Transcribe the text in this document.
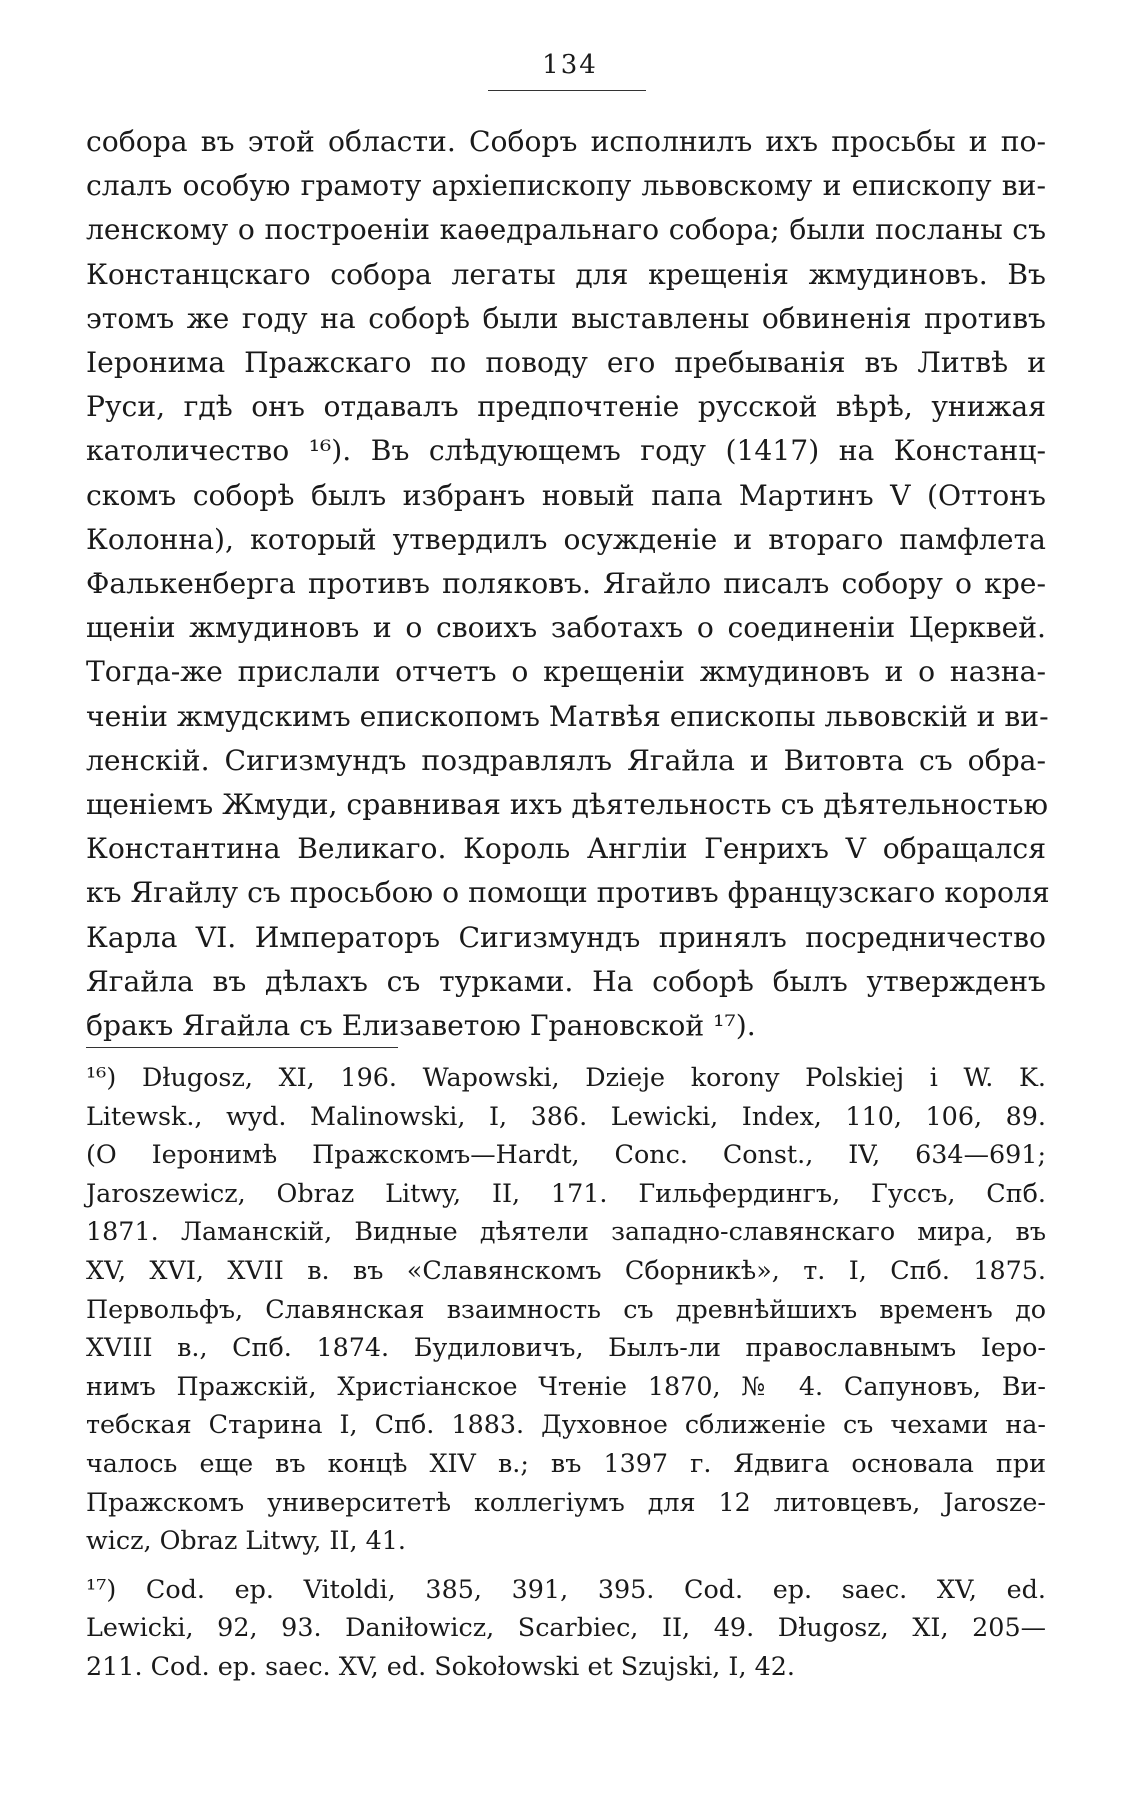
134
собора въ этой области. Соборъ исполнилъ ихъ просьбы и по-
слалъ особую грамоту архіепископу львовскому и епископу ви-
ленскому о построеніи каѳедральнаго собора; были посланы съ
Констанцскаго собора легаты для крещенія жмудиновъ. Въ
этомъ же году на соборѣ были выставлены обвиненія противъ
Іеронима Пражскаго по поводу его пребыванія въ Литвѣ и
Руси, гдѣ онъ отдавалъ предпочтеніе русской вѣрѣ, унижая
католичество ¹⁶). Въ слѣдующемъ году (1417) на Констанц-
скомъ соборѣ былъ избранъ новый папа Мартинъ V (Оттонъ
Колонна), который утвердилъ осужденіе и втораго памфлета
Фалькенберга противъ поляковъ. Ягайло писалъ собору о кре-
щеніи жмудиновъ и о своихъ заботахъ о соединеніи Церквей.
Тогда-же прислали отчетъ о крещеніи жмудиновъ и о назна-
ченіи жмудскимъ епископомъ Матвѣя епископы львовскій и ви-
ленскій. Сигизмундъ поздравлялъ Ягайла и Витовта съ обра-
щеніемъ Жмуди, сравнивая ихъ дѣятельность съ дѣятельностью
Константина Великаго. Король Англіи Генрихъ V обращался
къ Ягайлу съ просьбою о помощи противъ французскаго короля
Карла VI. Императоръ Сигизмундъ принялъ посредничество
Ягайла въ дѣлахъ съ турками. На соборѣ былъ утвержденъ
бракъ Ягайла съ Елизаветою Грановской ¹⁷).
¹⁶) Długosz, XI, 196. Wapowski, Dzieje korony Polskiej i W. K.
Litewsk., wyd. Malinowski, I, 386. Lewicki, Index, 110, 106, 89.
(О Іеронимѣ Пражскомъ—Hardt, Conc. Const., IV, 634—691;
Jaroszewicz, Obraz Litwy, II, 171. Гильфердингъ, Гуссъ, Спб.
1871. Ламанскій, Видные дѣятели западно-славянскаго мира, въ
XV, XVI, XVII в. въ «Славянскомъ Сборникѣ», т. I, Спб. 1875.
Первольфъ, Славянская взаимность съ древнѣйшихъ временъ до
XVIII в., Спб. 1874. Будиловичъ, Былъ-ли православнымъ Іеро-
нимъ Пражскій, Христіанское Чтеніе 1870, № 4. Сапуновъ, Ви-
тебская Старина I, Спб. 1883. Духовное сближеніе съ чехами на-
чалось еще въ концѣ XIV в.; въ 1397 г. Ядвига основала при
Пражскомъ университетѣ коллегіумъ для 12 литовцевъ, Jarosze-
wicz, Obraz Litwy, II, 41.
¹⁷) Cod. ep. Vitoldi, 385, 391, 395. Cod. ep. saec. XV, ed.
Lewicki, 92, 93. Daniłowicz, Scarbiec, II, 49. Długosz, XI, 205—
211. Cod. ep. saec. XV, ed. Sokołowski et Szujski, I, 42.
